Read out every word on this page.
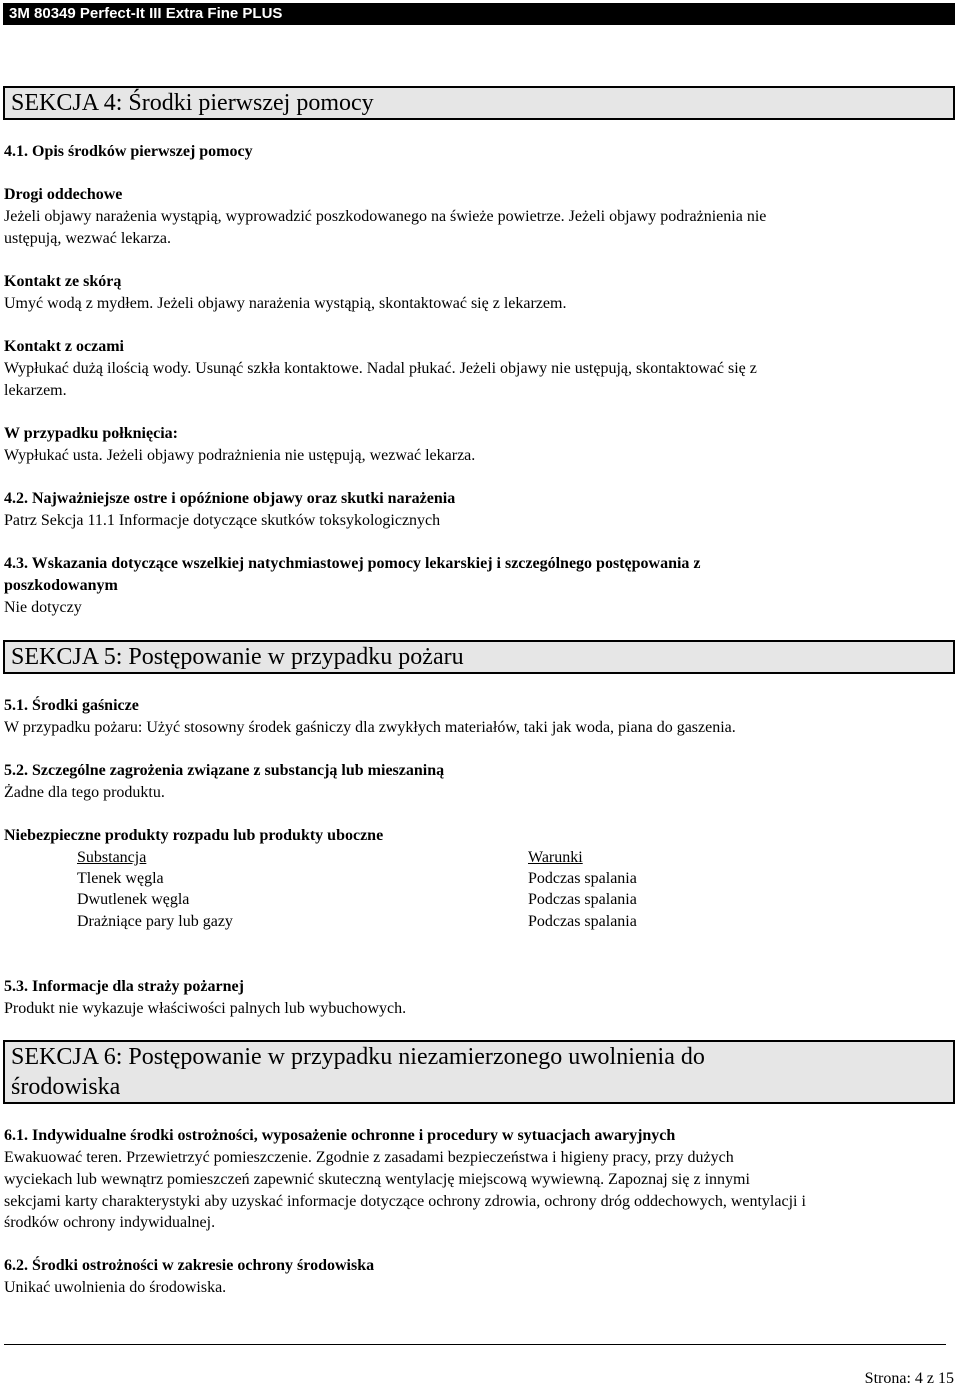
3M 80349 Perfect-It III Extra Fine PLUS
SEKCJA 4: Środki pierwszej pomocy
4.1. Opis środków pierwszej pomocy
Drogi oddechowe
Jeżeli objawy narażenia wystąpią, wyprowadzić poszkodowanego na świeże powietrze. Jeżeli objawy podrażnienia nie
ustępują, wezwać lekarza.
Kontakt ze skórą
Umyć wodą z mydłem. Jeżeli objawy narażenia wystąpią, skontaktować się z lekarzem.
Kontakt z oczami
Wypłukać dużą ilością wody. Usunąć szkła kontaktowe. Nadal płukać. Jeżeli objawy nie ustępują, skontaktować się z
lekarzem.
W przypadku połknięcia:
Wypłukać usta. Jeżeli objawy podrażnienia nie ustępują, wezwać lekarza.
4.2. Najważniejsze ostre i opóźnione objawy oraz skutki narażenia
Patrz Sekcja 11.1 Informacje dotyczące skutków toksykologicznych
4.3. Wskazania dotyczące wszelkiej natychmiastowej pomocy lekarskiej i szczególnego postępowania z
poszkodowanym
Nie dotyczy
SEKCJA 5: Postępowanie w przypadku pożaru
5.1. Środki gaśnicze
W przypadku pożaru: Użyć stosowny środek gaśniczy dla zwykłych materiałów, taki jak woda, piana do gaszenia.
5.2. Szczególne zagrożenia związane z substancją lub mieszaniną
Żadne dla tego produktu.
Niebezpieczne produkty rozpadu lub produkty uboczne
Substancja	Warunki
Tlenek węgla	Podczas spalania
Dwutlenek węgla	Podczas spalania
Drażniące pary lub gazy	Podczas spalania
5.3. Informacje dla straży pożarnej
Produkt nie wykazuje właściwości palnych lub wybuchowych.
SEKCJA 6: Postępowanie w przypadku niezamierzonego uwolnienia do
środowiska
6.1. Indywidualne środki ostrożności, wyposażenie ochronne i procedury w sytuacjach awaryjnych
Ewakuować teren. Przewietrzyć pomieszczenie. Zgodnie z zasadami bezpieczeństwa i higieny pracy, przy dużych
wyciekach lub wewnątrz pomieszczeń zapewnić skuteczną wentylację miejscową wywiewną. Zapoznaj się z innymi
sekcjami karty charakterystyki aby uzyskać informacje dotyczące ochrony zdrowia, ochrony dróg oddechowych, wentylacji i
środków ochrony indywidualnej.
6.2. Środki ostrożności w zakresie ochrony środowiska
Unikać uwolnienia do środowiska.
Strona: 4 z 15
